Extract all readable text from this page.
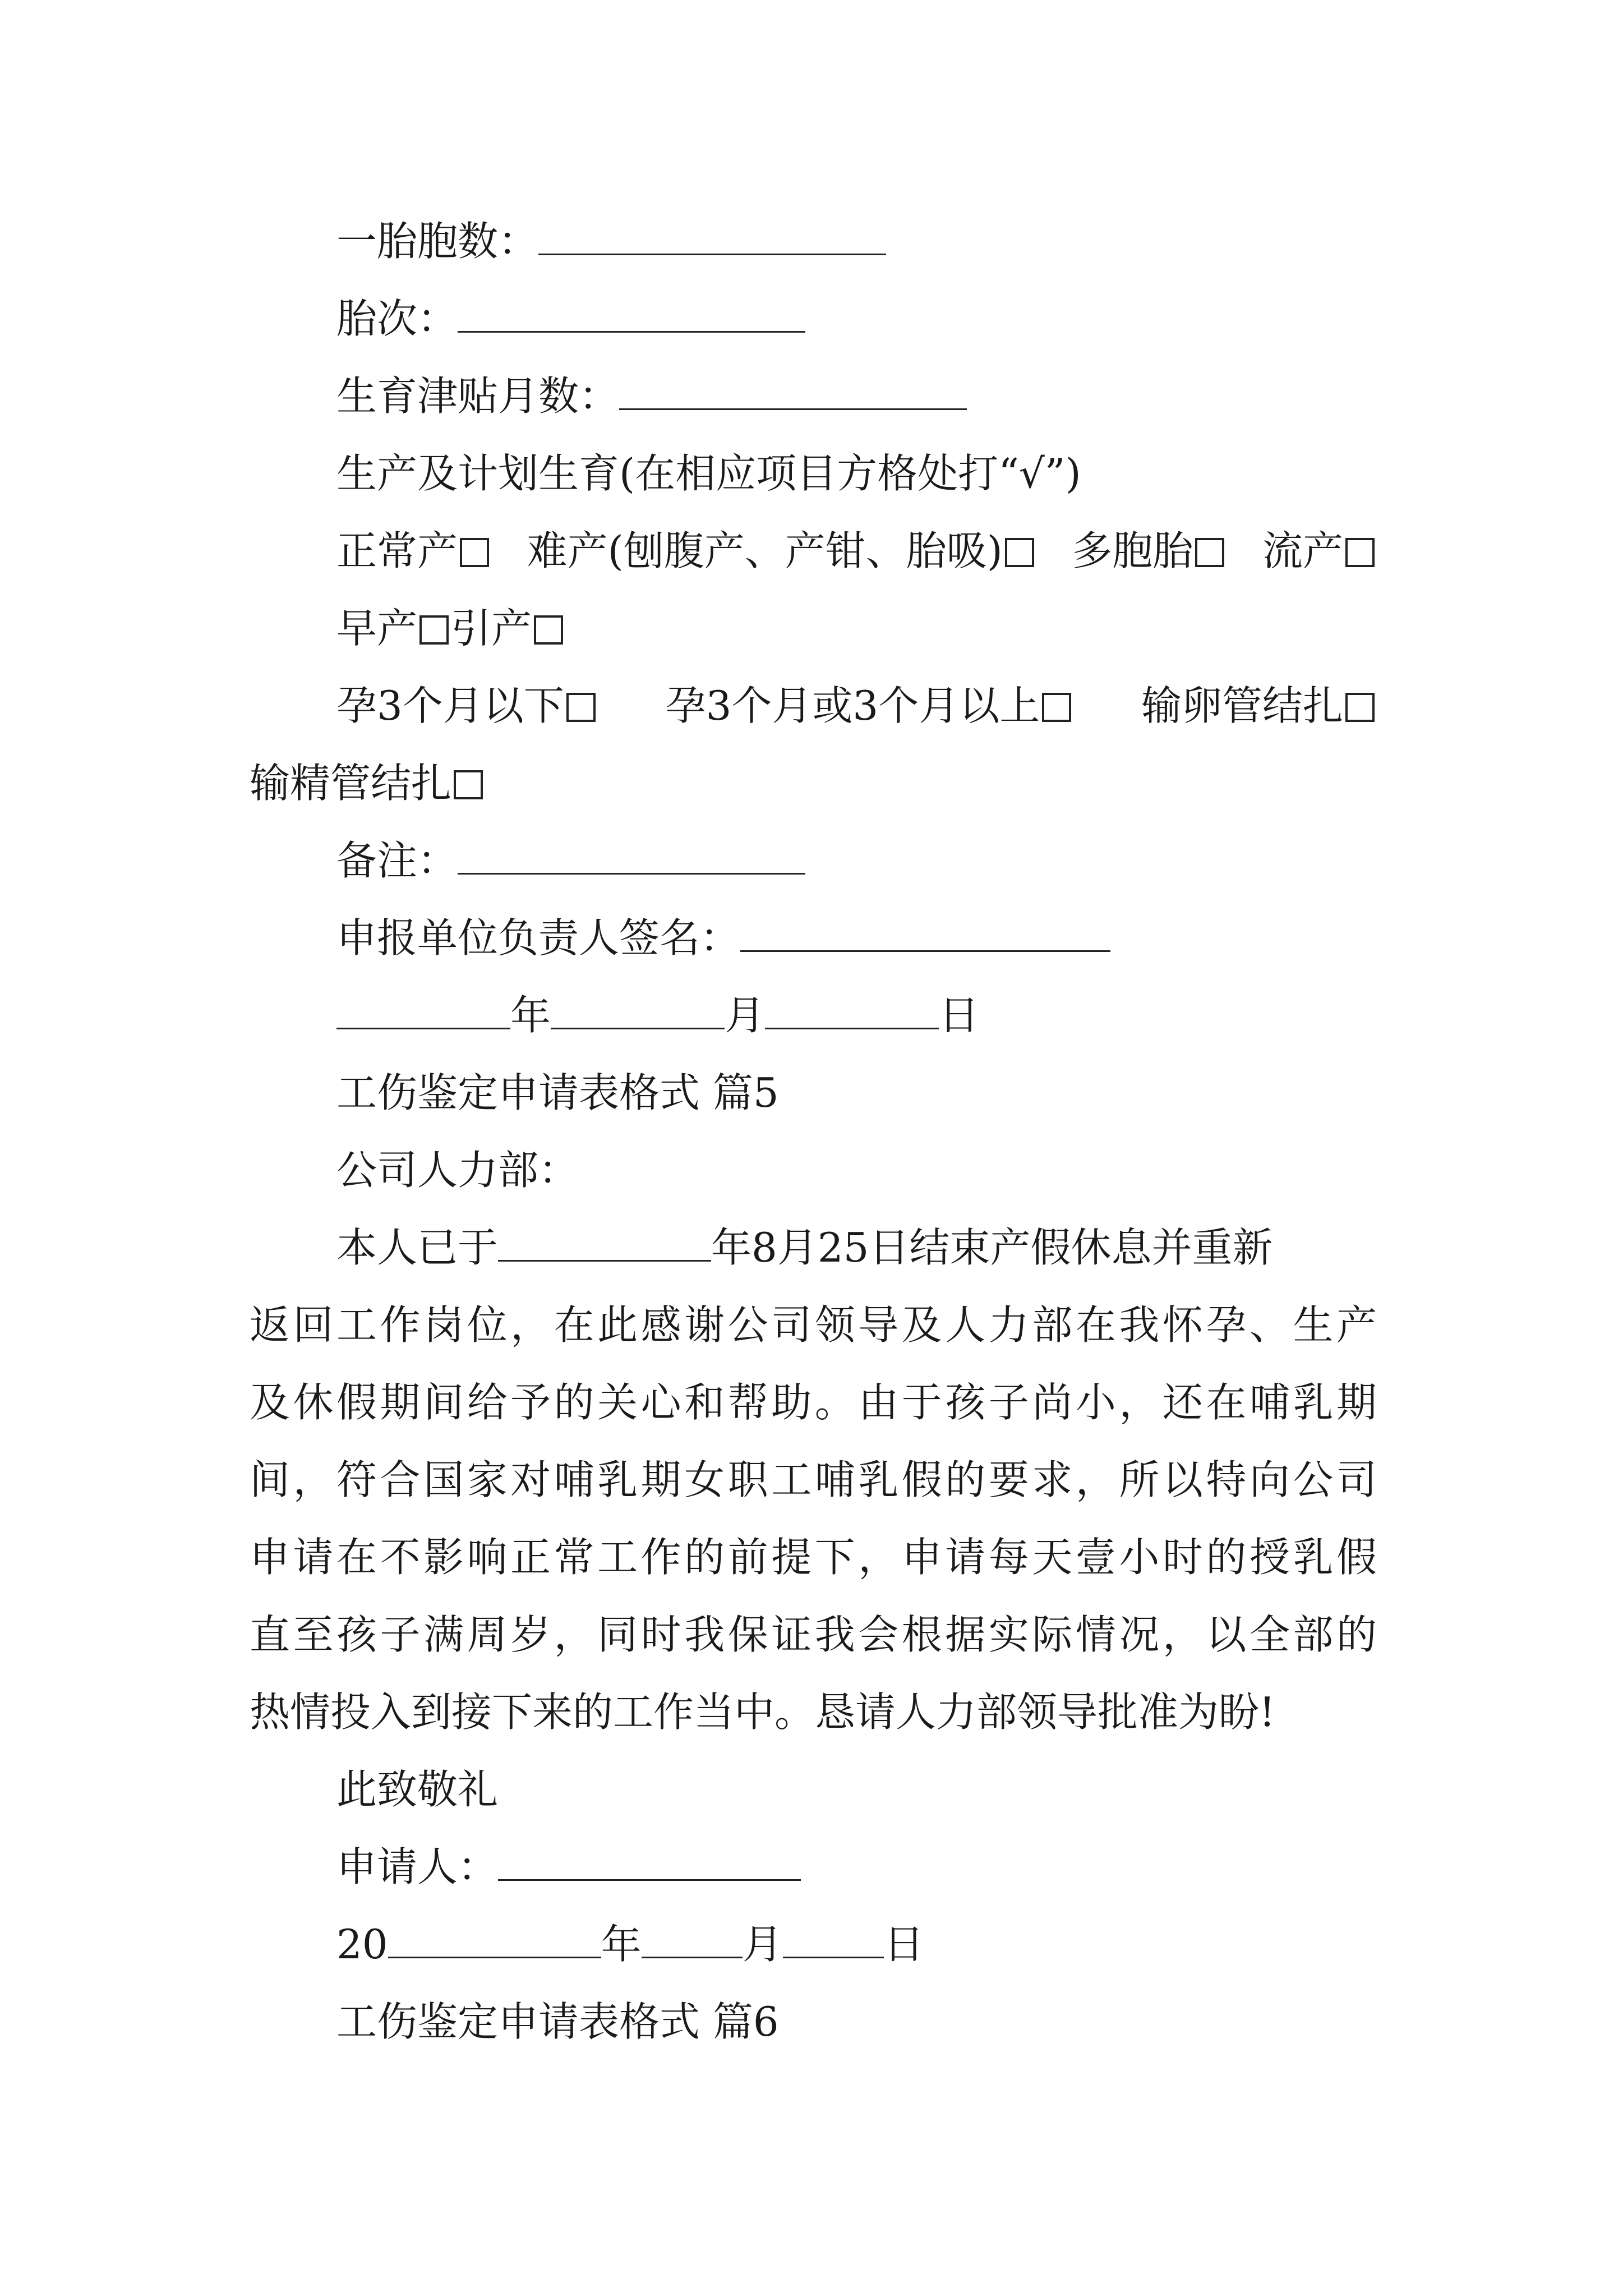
一胎胞数：
胎次：
生育津贴月数：
生产及计划生育(在相应项目方格处打“√”)
正常产 难产(刨腹产、产钳、胎吸) 多胞胎 流产
早产 引产
孕3个月以下	孕3个月或3个月以上	输卵管结扎
输精管结扎
备注：
申报单位负责人签名：
年	月	日
工伤鉴定申请表格式 篇5
公司人力部：
本人已于	年8月25日结束产假休息并重新
返回工作岗位，在此感谢公司领导及人力部在我怀孕、生产
及休假期间给予的关心和帮助。由于孩子尚小，还在哺乳期
间，符合国家对哺乳期女职工哺乳假的要求，所以特向公司
申请在不影响正常工作的前提下，申请每天壹小时的授乳假
直至孩子满周岁，同时我保证我会根据实际情况，以全部的
热情投入到接下来的工作当中。恳请人力部领导批准为盼!
此致敬礼
申请人：
20	年	月	日
工伤鉴定申请表格式 篇6
